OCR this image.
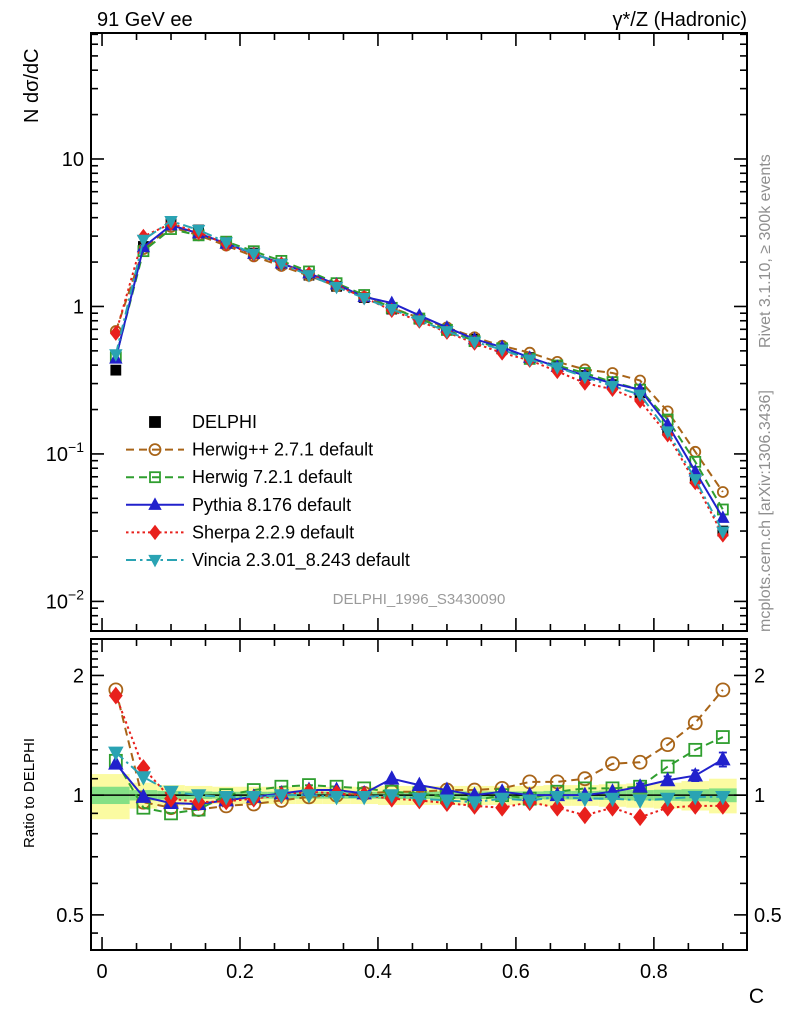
91 GeV ee	γ*/Z (Hadronic)
N dσ/dC
Ratio to DELPHI
C
Rivet 3.1.10, ≥ 300k events
mcplots.cern.ch [arXiv:1306.3436]
DELPHI_1996_S3430090
10
1
$10^{-1}$
$10^{-2}$
2	2
1	1
0.5	0.5
0	0.2	0.4	0.6	0.8
DELPHI
Herwig++ 2.7.1 default
Herwig 7.2.1 default
Pythia 8.176 default
Sherpa 2.2.9 default
Vincia 2.3.01_8.243 default
